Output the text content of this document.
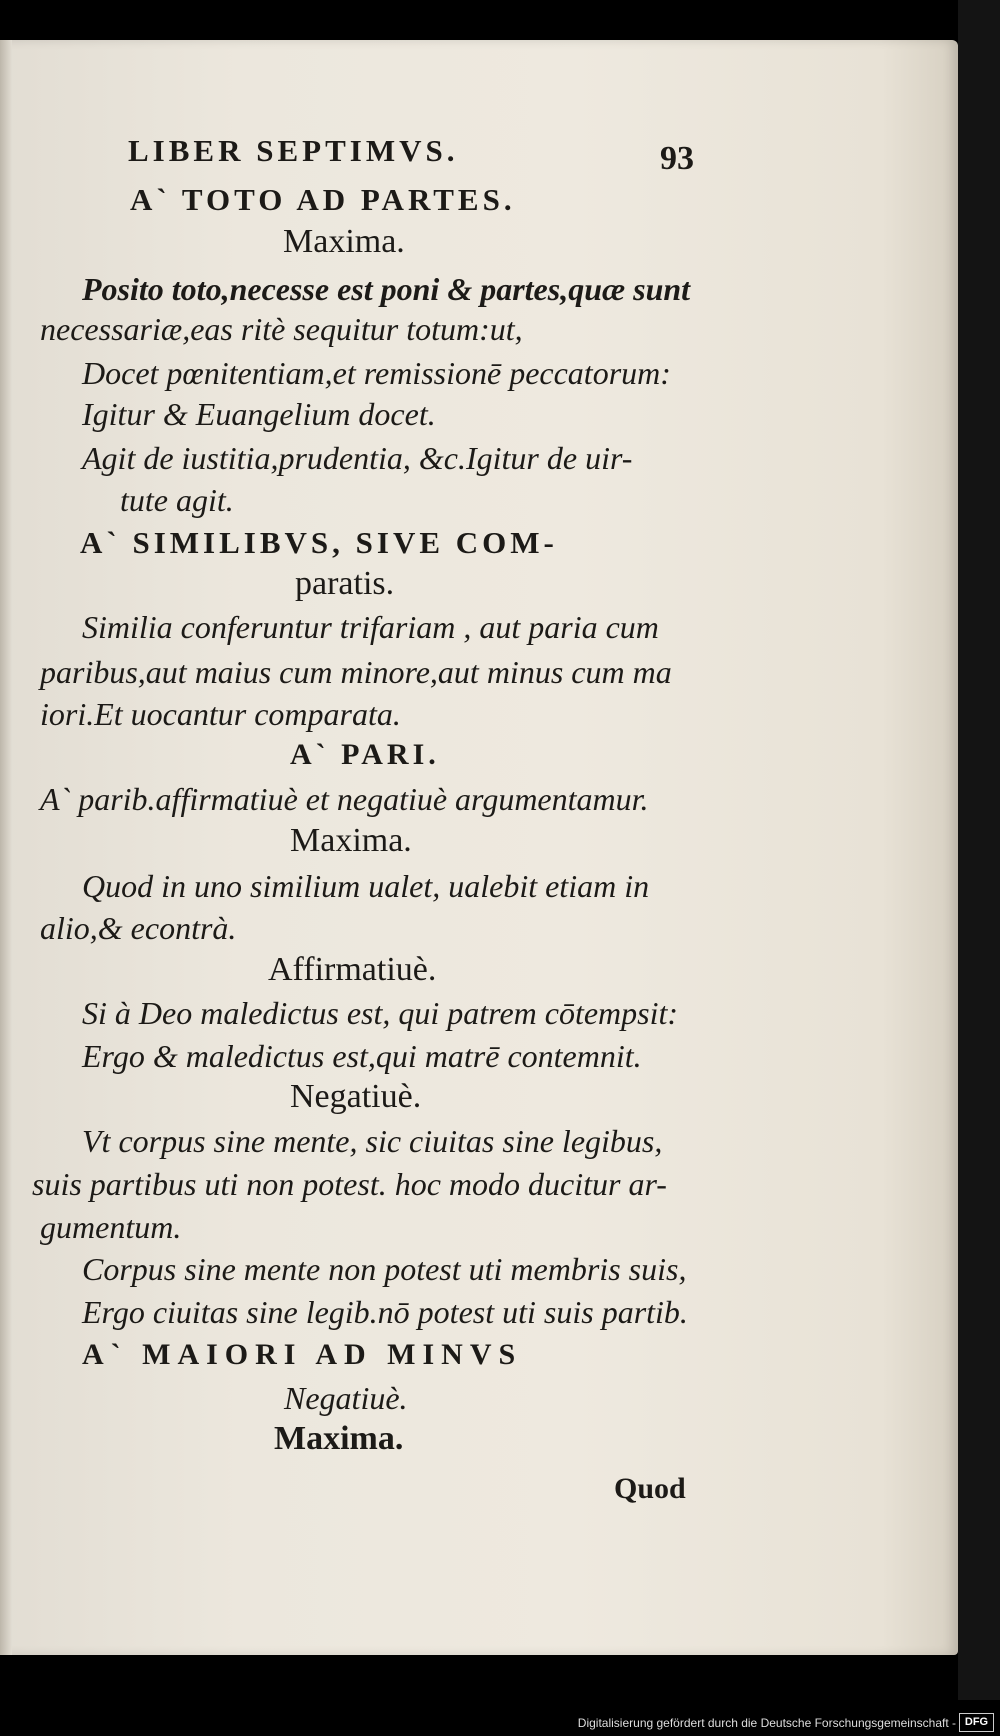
LIBER SEPTIMVS.	93
A` TOTO AD PARTES.
Maxima.
Posito toto,necesse est poni & partes,quæ sunt
necessariæ,eas ritè sequitur totum:ut,
Docet pœnitentiam,et remissionē peccatorum:
Igitur & Euangelium docet.
Agit de iustitia,prudentia, &c.Igitur de uir-
tute agit.
A` SIMILIBVS, SIVE COM-
paratis.
Similia conferuntur trifariam , aut paria cum
paribus,aut maius cum minore,aut minus cum ma
iori.Et uocantur comparata.
A` PARI.
A` parib.affirmatiuè et negatiuè argumentamur.
Maxima.
Quod in uno similium ualet, ualebit etiam in
alio,& econtrà.
Affirmatiuè.
Si à Deo maledictus est, qui patrem cōtempsit:
Ergo & maledictus est,qui matrē contemnit.
Negatiuè.
Vt corpus sine mente, sic ciuitas sine legibus,
suis partibus uti non potest. hoc modo ducitur ar-
gumentum.
Corpus sine mente non potest uti membris suis,
Ergo ciuitas sine legib.nō potest uti suis partib.
A` MAIORI AD MINVS
Negatiuè.
Maxima.
Quod
Digitalisierung gefördert durch die Deutsche Forschungsgemeinschaft - DFG
